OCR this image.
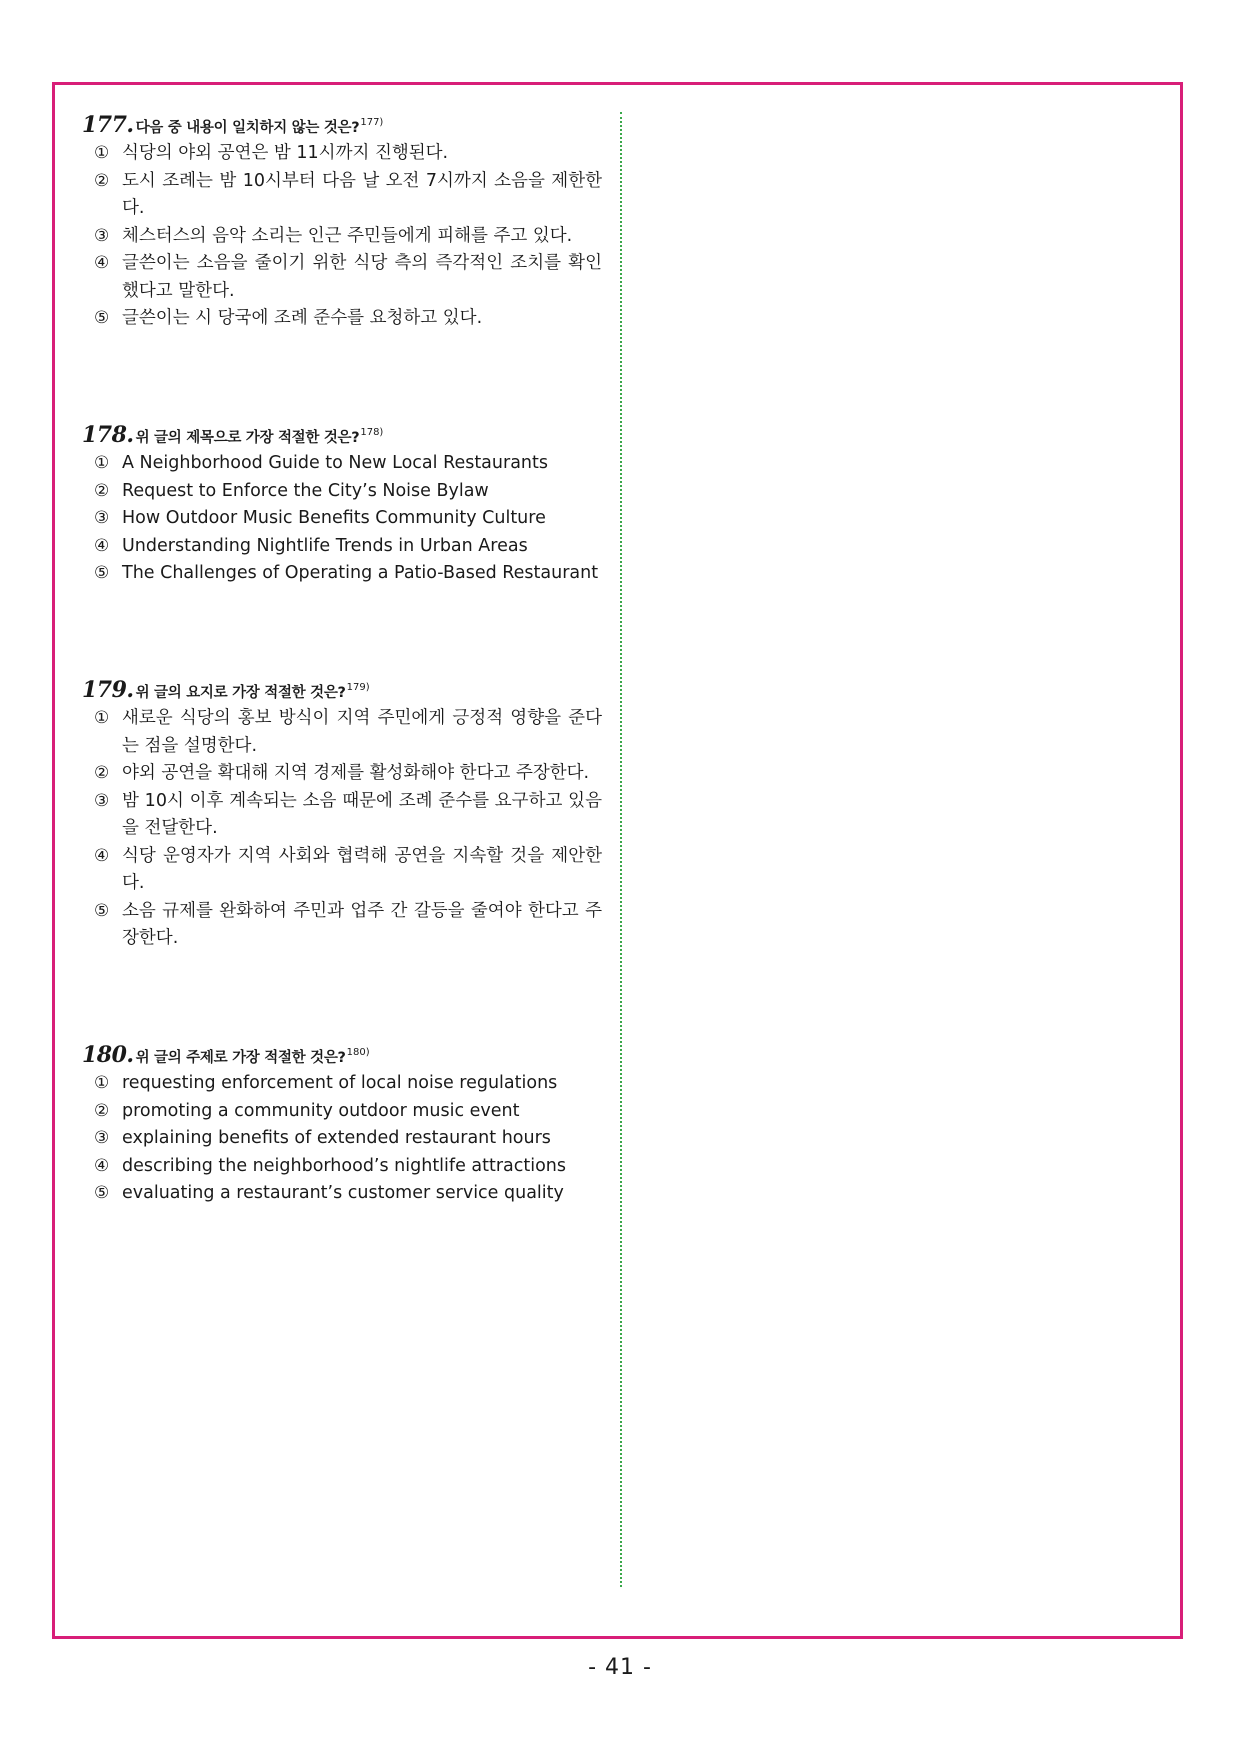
177. 다음 중 내용이 일치하지 않는 것은?$^{177)}$
① 식당의 야외 공연은 밤 11시까지 진행된다.
② 도시 조례는 밤 10시부터 다음 날 오전 7시까지 소음을 제한한다.
③ 체스터스의 음악 소리는 인근 주민들에게 피해를 주고 있다.
④ 글쓴이는 소음을 줄이기 위한 식당 측의 즉각적인 조치를 확인했다고 말한다.
⑤ 글쓴이는 시 당국에 조례 준수를 요청하고 있다.
178. 위 글의 제목으로 가장 적절한 것은?$^{178)}$
① A Neighborhood Guide to New Local Restaurants
② Request to Enforce the City’s Noise Bylaw
③ How Outdoor Music Benefits Community Culture
④ Understanding Nightlife Trends in Urban Areas
⑤ The Challenges of Operating a Patio-Based Restaurant
179. 위 글의 요지로 가장 적절한 것은?$^{179)}$
① 새로운 식당의 홍보 방식이 지역 주민에게 긍정적 영향을 준다는 점을 설명한다.
② 야외 공연을 확대해 지역 경제를 활성화해야 한다고 주장한다.
③ 밤 10시 이후 계속되는 소음 때문에 조례 준수를 요구하고 있음을 전달한다.
④ 식당 운영자가 지역 사회와 협력해 공연을 지속할 것을 제안한다.
⑤ 소음 규제를 완화하여 주민과 업주 간 갈등을 줄여야 한다고 주장한다.
180. 위 글의 주제로 가장 적절한 것은?$^{180)}$
① requesting enforcement of local noise regulations
② promoting a community outdoor music event
③ explaining benefits of extended restaurant hours
④ describing the neighborhood’s nightlife attractions
⑤ evaluating a restaurant’s customer service quality
- 41 -
